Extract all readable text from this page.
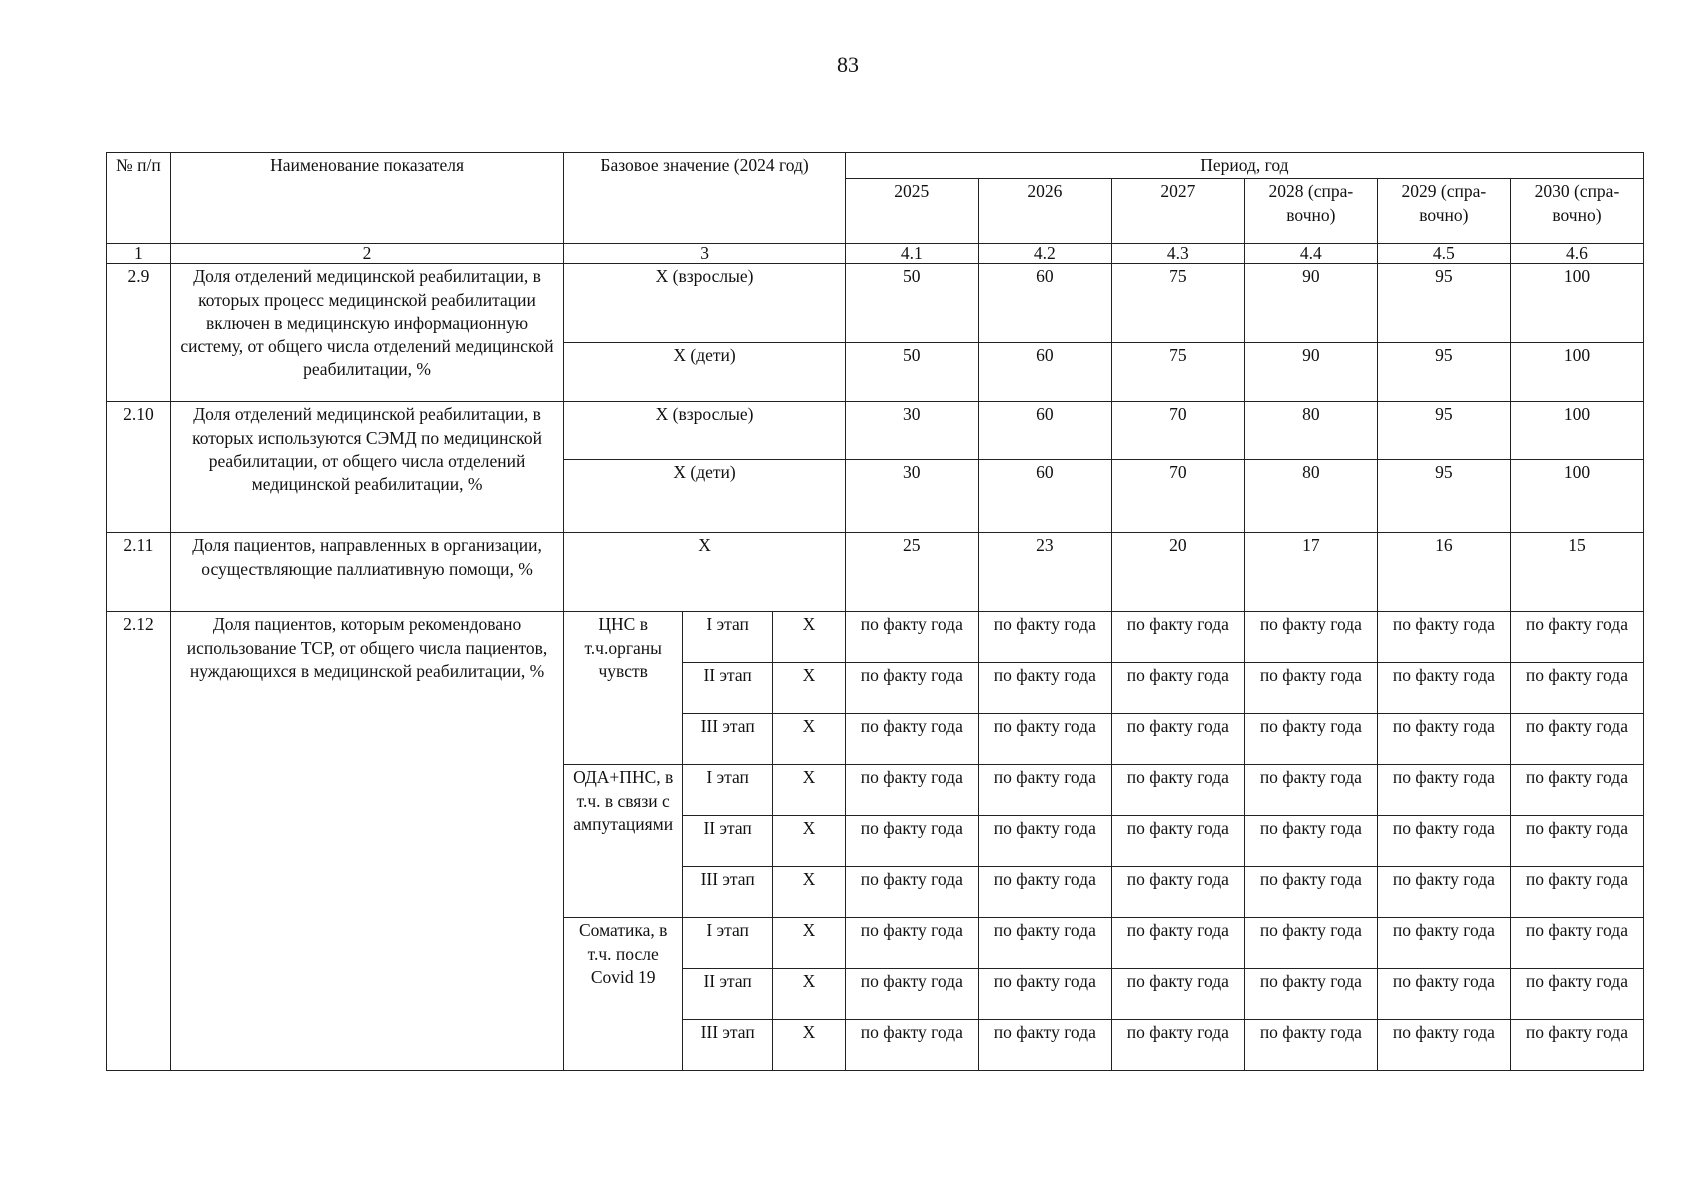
83
№ п/п	Наименование показателя	Базовое значение (2024 год)			Период, год					
					2025	2026	2027	2028 (спра-вочно)	2029 (спра-вочно)	2030 (спра-вочно)
1	2	3			4.1	4.2	4.3	4.4	4.5	4.6
2.9	Доля отделений медицинской реабилитации, в которых процесс медицинской реабилитации включен в медицинскую информационную систему, от общего числа отделений медицинской реабилитации, %	Х (взрослые)			50	60	75	90	95	100
		Х (дети)			50	60	75	90	95	100
2.10	Доля отделений медицинской реабилитации, в которых используются СЭМД по медицинской реабилитации, от общего числа отделений медицинской реабилитации, %	Х (взрослые)			30	60	70	80	95	100
		Х (дети)			30	60	70	80	95	100
2.11	Доля пациентов, направленных в организации, осуществляющие паллиативную помощи, %	Х			25	23	20	17	16	15
2.12	Доля пациентов, которым рекомендовано использование ТСР, от общего числа пациентов, нуждающихся в медицинской реабилитации, %	ЦНС в т.ч.органы чувств	I этап	Х	по факту года	по факту года	по факту года	по факту года	по факту года	по факту года
			II этап	Х	по факту года	по факту года	по факту года	по факту года	по факту года	по факту года
			III этап	Х	по факту года	по факту года	по факту года	по факту года	по факту года	по факту года
		ОДА+ПНС, в т.ч. в связи с ампутациями	I этап	Х	по факту года	по факту года	по факту года	по факту года	по факту года	по факту года
			II этап	Х	по факту года	по факту года	по факту года	по факту года	по факту года	по факту года
			III этап	Х	по факту года	по факту года	по факту года	по факту года	по факту года	по факту года
		Соматика, в т.ч. после Covid 19	I этап	Х	по факту года	по факту года	по факту года	по факту года	по факту года	по факту года
			II этап	Х	по факту года	по факту года	по факту года	по факту года	по факту года	по факту года
			III этап	Х	по факту года	по факту года	по факту года	по факту года	по факту года	по факту года
